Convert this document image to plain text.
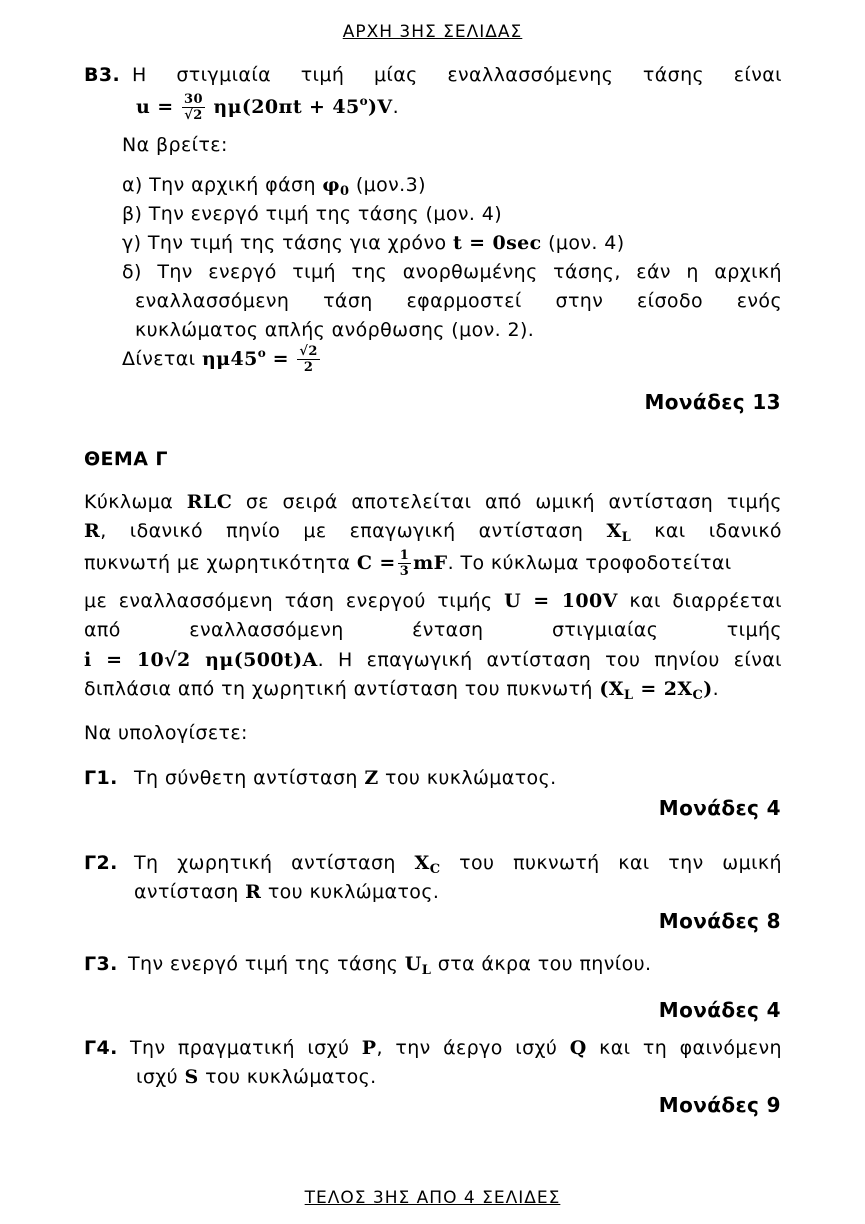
ΑΡΧΗ 3ΗΣ ΣΕΛΙΔΑΣ
Β3. Η στιγμιαία τιμή μίας εναλλασσόμενης τάσης είναι
$u = \frac{30}{√2} \eta\mu(20\pi t + 45^o)V$.
Να βρείτε:
α) Την αρχική φάση $\varphi_0$ (μον.3)
β) Την ενεργό τιμή της τάσης (μον. 4)
γ) Την τιμή της τάσης για χρόνο t = 0sec (μον. 4)
δ) Την ενεργό τιμή της ανορθωμένης τάσης, εάν η αρχική
εναλλασσόμενη τάση εφαρμοστεί στην είσοδο ενός
κυκλώματος απλής ανόρθωσης (μον. 2).
Δίνεται $\eta\mu 45^o = \frac{√2}{2}$
Μονάδες 13
ΘΕΜΑ Γ
Κύκλωμα RLC σε σειρά αποτελείται από ωμική αντίσταση τιμής
R, ιδανικό πηνίο με επαγωγική αντίσταση $X_L$ και ιδανικό
πυκνωτή με χωρητικότητα $C = \frac{1}{3}$ mF. Το κύκλωμα τροφοδοτείται
με εναλλασσόμενη τάση ενεργού τιμής U = 100V και διαρρέεται
από	εναλλασσόμενη	ένταση	στιγμιαίας	τιμής
i = 10√2 ημ(500t)A. Η επαγωγική αντίσταση του πηνίου είναι
διπλάσια από τη χωρητική αντίσταση του πυκνωτή $(X_L = 2X_C)$.
Να υπολογίσετε:
Γ1. Τη σύνθετη αντίσταση Z του κυκλώματος.
Μονάδες 4
Γ2. Τη χωρητική αντίσταση $X_C$ του πυκνωτή και την ωμική
αντίσταση R του κυκλώματος.
Μονάδες 8
Γ3. Την ενεργό τιμή της τάσης $U_L$ στα άκρα του πηνίου.
Μονάδες 4
Γ4. Την πραγματική ισχύ P, την άεργο ισχύ Q και τη φαινόμενη
ισχύ S του κυκλώματος.
Μονάδες 9
ΤΕΛΟΣ 3ΗΣ ΑΠΟ 4 ΣΕΛΙΔΕΣ
